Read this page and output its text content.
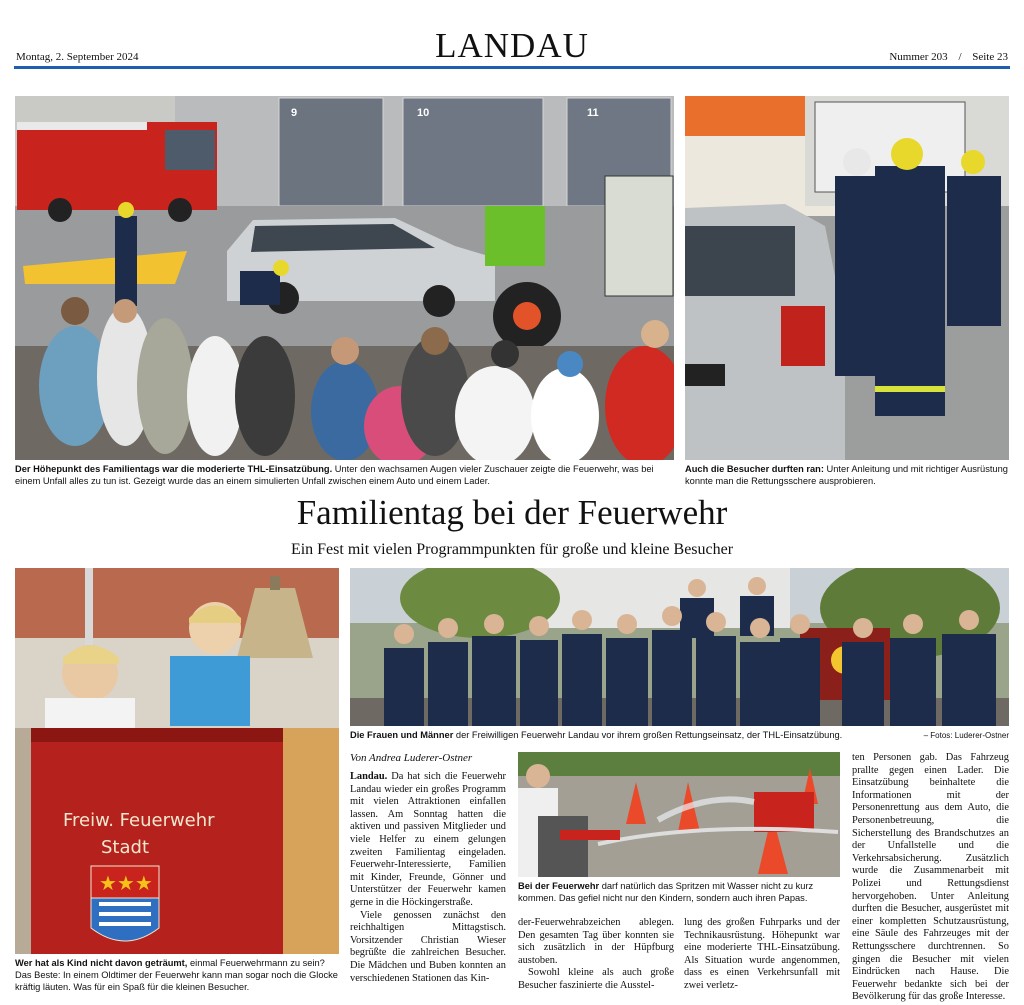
Montag, 2. September 2024	LANDAU	Nummer 203 / Seite 23
9	10	11
Der Höhepunkt des Familientags war die moderierte THL-Einsatzübung. Unter den wachsamen Augen vieler Zuschauer zeigte die Feuerwehr, was bei einem Unfall alles zu tun ist. Gezeigt wurde das an einem simulierten Unfall zwischen einem Auto und einem Lader.
Auch die Besucher durften ran: Unter Anleitung und mit richtiger Ausrüstung konnte man die Rettungsschere ausprobieren.
Familientag bei der Feuerwehr
Ein Fest mit vielen Programmpunkten für große und kleine Besucher
Freiw. Feuerwehr
Stadt
★★★
Wer hat als Kind nicht davon geträumt, einmal Feuerwehrmann zu sein? Das Beste: In einem Oldtimer der Feuerwehr kann man sogar noch die Glocke kräftig läuten. Was für ein Spaß für die kleinen Besucher.
Die Frauen und Männer der Freiwilligen Feuerwehr Landau vor ihrem großen Rettungseinsatz, der THL-Einsatzübung.	– Fotos: Luderer-Ostner
Von Andrea Luderer-Ostner

Landau. Da hat sich die Feuerwehr Landau wieder ein großes Programm mit vielen Attraktionen einfallen lassen. Am Sonntag hatten die aktiven und passiven Mitglieder und viele Helfer zu einem gelungen zweiten Familientag eingeladen. Feuerwehr-Interessierte, Familien mit Kinder, Freunde, Gönner und Unterstützer der Feuerwehr kamen gerne in die Höckingerstraße.

Viele genossen zunächst den reichhaltigen Mittagstisch. Vorsitzender Christian Wieser begrüßte die zahlreichen Besucher. Die Mädchen und Buben konnten an verschiedenen Stationen das Kin-

Bei der Feuerwehr darf natürlich das Spritzen mit Wasser nicht zu kurz kommen. Das gefiel nicht nur den Kindern, sondern auch ihren Papas.

der-Feuerwehrabzeichen ablegen. Den gesamten Tag über konnten sie sich zusätzlich in der Hüpfburg austoben.

Sowohl kleine als auch große Besucher faszinierte die Ausstel-

lung des großen Fuhrparks und der Technikausrüstung. Höhepunkt war eine moderierte THL-Einsatzübung. Als Situation wurde angenommen, dass es einen Verkehrsunfall mit zwei verletz-

ten Personen gab. Das Fahrzeug prallte gegen einen Lader. Die Einsatzübung beinhaltete die Informationen mit der Personenrettung aus dem Auto, die Personenbetreuung, die Sicherstellung des Brandschutzes an der Unfallstelle und die Verkehrsabsicherung. Zusätzlich wurde die Zusammenarbeit mit Polizei und Rettungsdienst hervorgehoben. Unter Anleitung durften die Besucher, ausgerüstet mit einer kompletten Schutzausrüstung, eine Säule des Fahrzeuges mit der Rettungsschere durchtrennen. So gingen die Besucher mit vielen Eindrücken nach Hause. Die Feuerwehr bedankte sich bei der Bevölkerung für das große Interesse.
